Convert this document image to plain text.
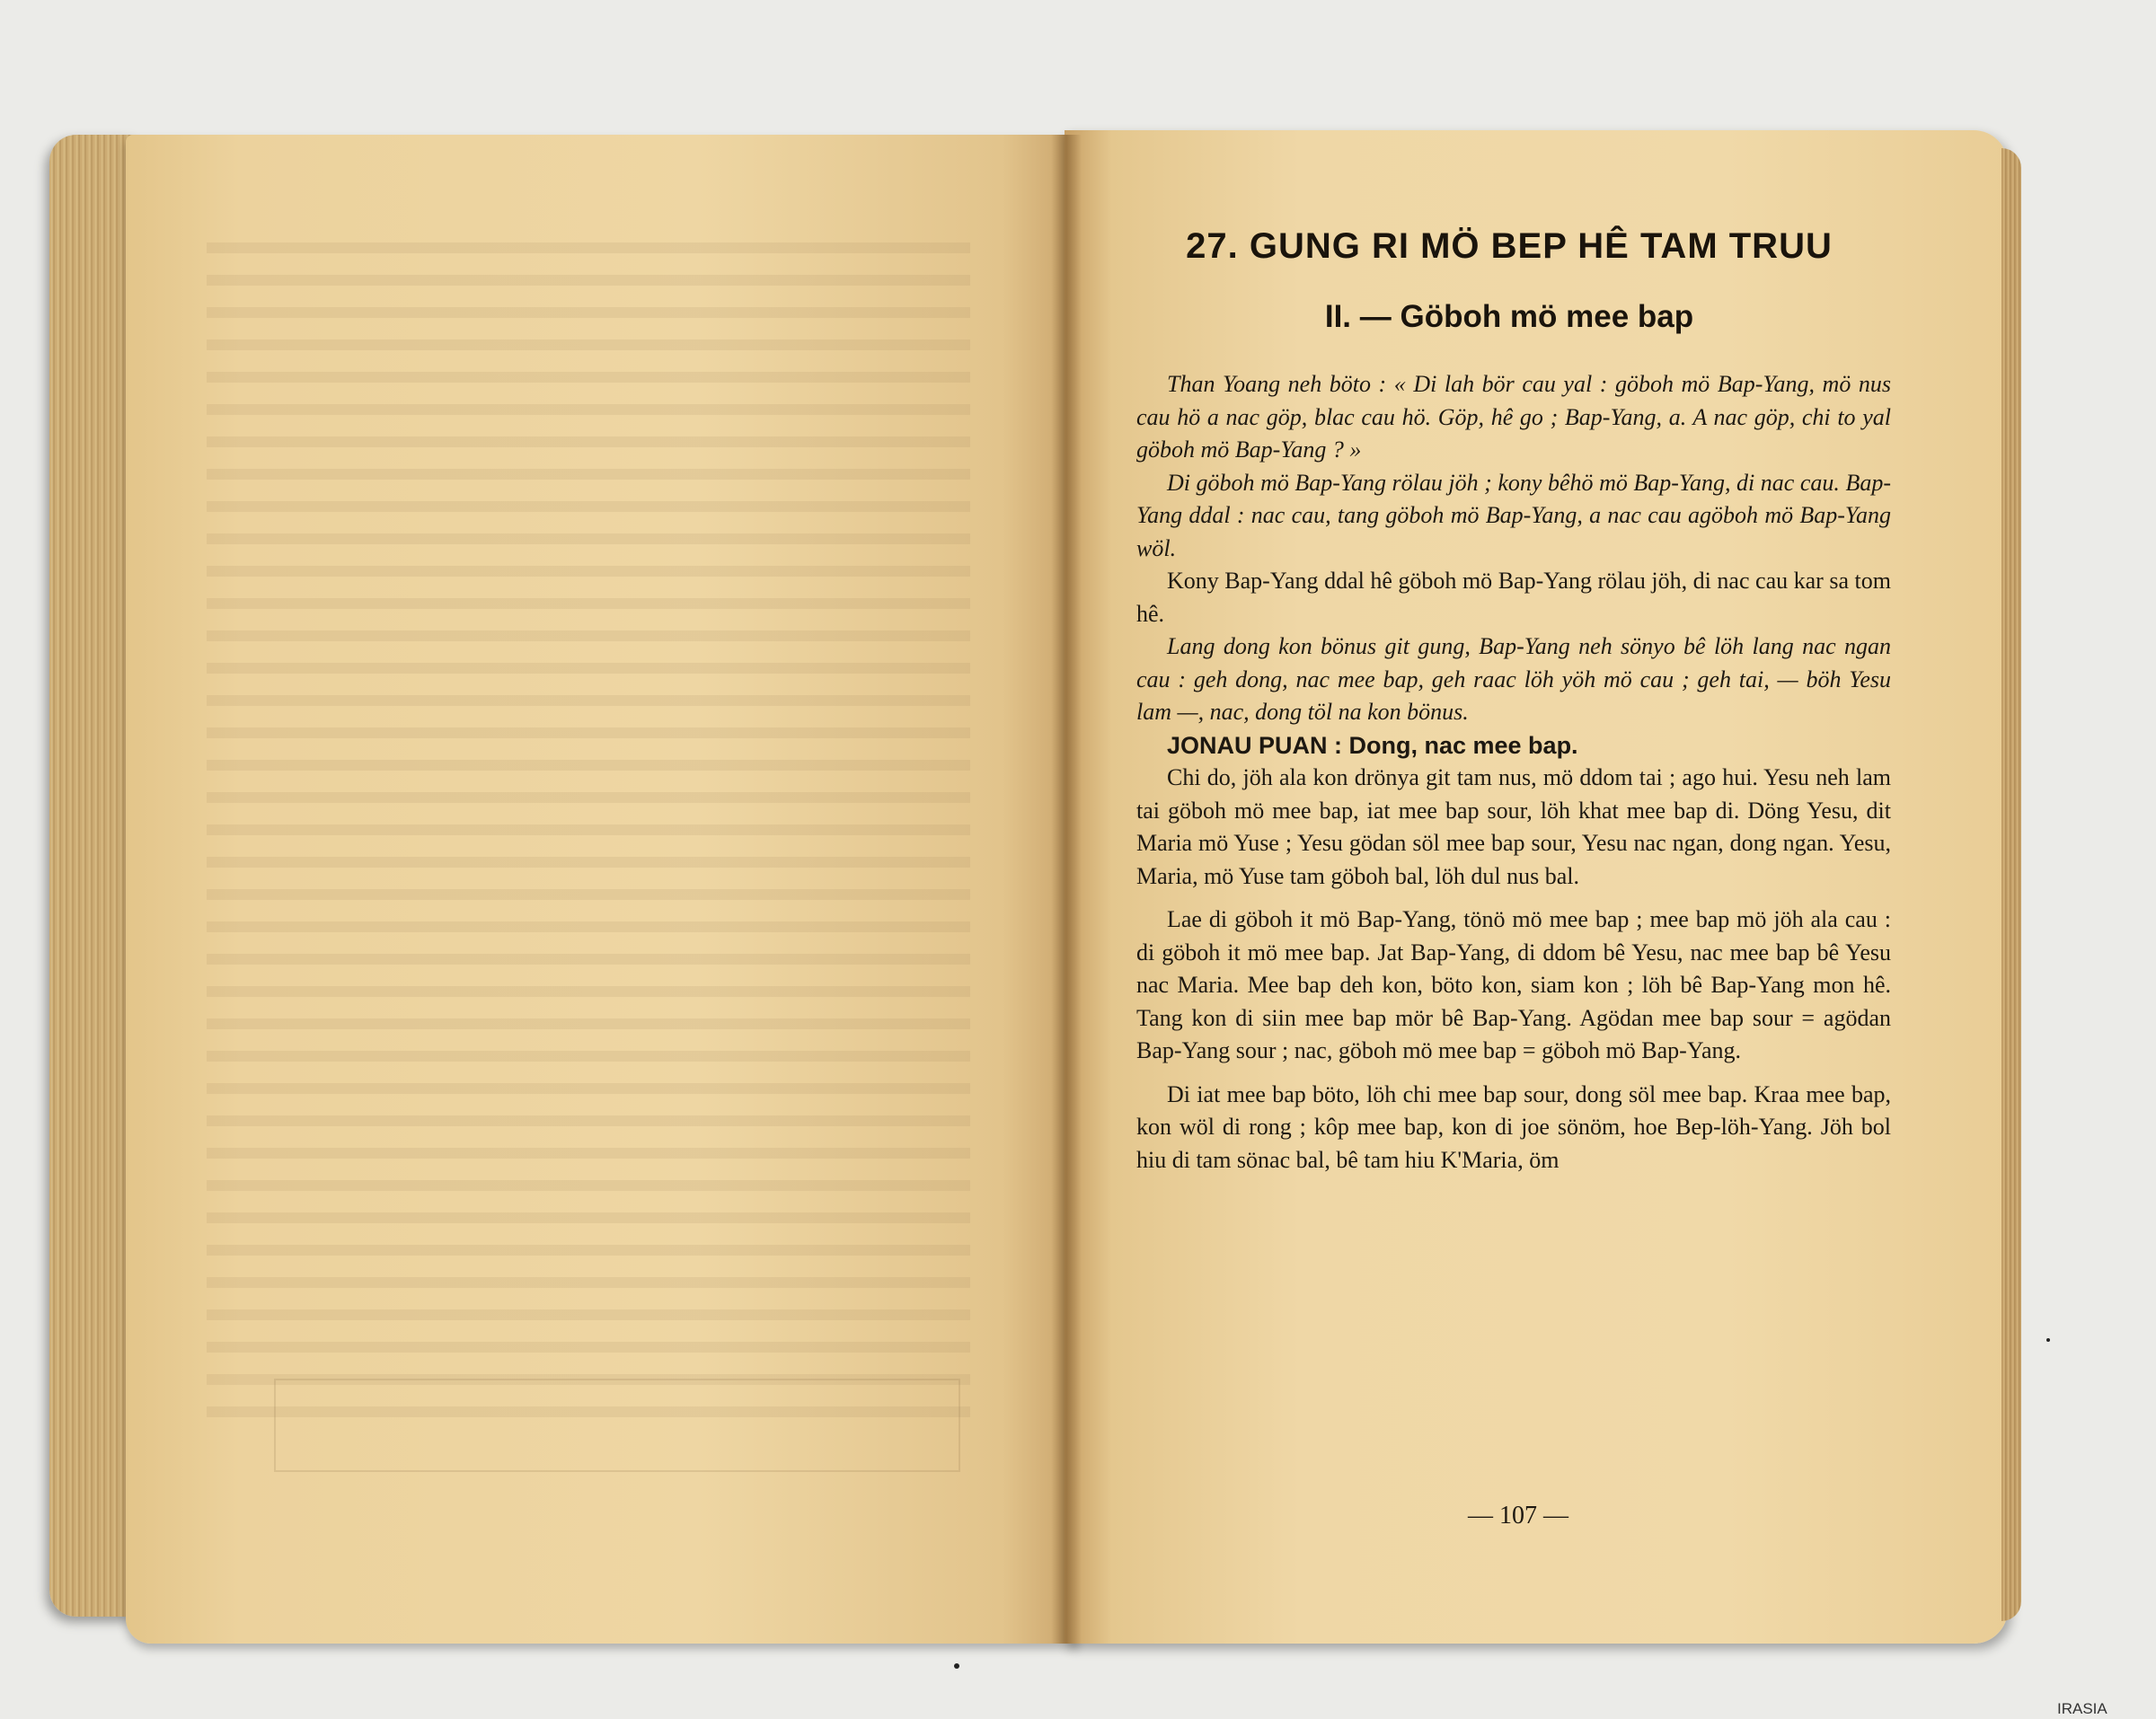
27. GUNG RI MÖ BEP HÊ TAM TRUU
II. — Göboh mö mee bap

Than Yoang neh böto : « Di lah bör cau yal : göboh mö Bap-Yang, mö nus cau hö a nac göp, blac cau hö. Göp, hê go ; Bap-Yang, a. A nac göp, chi to yal göboh mö Bap-Yang ? »

Di göboh mö Bap-Yang rölau jöh ; kony bêhö mö Bap-Yang, di nac cau. Bap-Yang ddal : nac cau, tang göboh mö Bap-Yang, a nac cau agöboh mö Bap-Yang wöl.

Kony Bap-Yang ddal hê göboh mö Bap-Yang rölau jöh, di nac cau kar sa tom hê.

Lang dong kon bönus git gung, Bap-Yang neh sönyo bê löh lang nac ngan cau : geh dong, nac mee bap, geh raac löh yöh mö cau ; geh tai, — böh Yesu lam —, nac, dong töl na kon bönus.

JONAU PUAN : Dong, nac mee bap.

Chi do, jöh ala kon drönya git tam nus, mö ddom tai ; ago hui. Yesu neh lam tai göboh mö mee bap, iat mee bap sour, löh khat mee bap di. Döng Yesu, dit Maria mö Yuse ; Yesu gödan söl mee bap sour, Yesu nac ngan, dong ngan. Yesu, Maria, mö Yuse tam göboh bal, löh dul nus bal.

Lae di göboh it mö Bap-Yang, tönö mö mee bap ; mee bap mö jöh ala cau : di göboh it mö mee bap. Jat Bap-Yang, di ddom bê Yesu, nac mee bap bê Yesu nac Maria. Mee bap deh kon, böto kon, siam kon ; löh bê Bap-Yang mon hê. Tang kon di siin mee bap mör bê Bap-Yang. Agödan mee bap sour = agödan Bap-Yang sour ; nac, göboh mö mee bap = göboh mö Bap-Yang.

Di iat mee bap böto, löh chi mee bap sour, dong söl mee bap. Kraa mee bap, kon wöl di rong ; kôp mee bap, kon di joe sönöm, hoe Bep-löh-Yang. Jöh bol hiu di tam sönac bal, bê tam hiu K'Maria, öm

— 107 —
IRASIA
